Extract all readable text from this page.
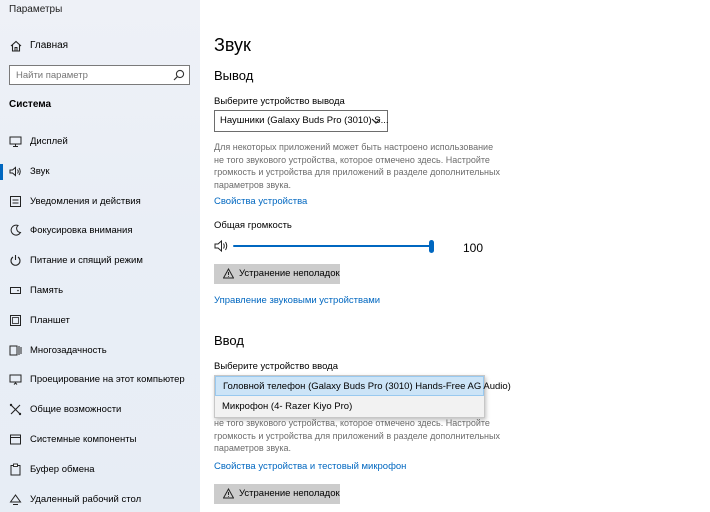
Параметры
Главная
Найти параметр
Система
Дисплей
Звук
Уведомления и действия
Фокусировка внимания
Питание и спящий режим
Память
Планшет
Многозадачность
Проецирование на этот компьютер
Общие возможности
Системные компоненты
Буфер обмена
Удаленный рабочий стол
Звук
Вывод
Выберите устройство вывода
Наушники (Galaxy Buds Pro (3010) S...
Для некоторых приложений может быть настроено использование не того звукового устройства, которое отмечено здесь. Настройте громкость и устройства для приложений в разделе дополнительных параметров звука.
Свойства устройства
Общая громкость
100
Устранение неполадок
Управление звуковыми устройствами
Ввод
Выберите устройство ввода
не того звукового устройства, которое отмечено здесь. Настройте громкость и устройства для приложений в разделе дополнительных параметров звука.
Головной телефон (Galaxy Buds Pro (3010) Hands-Free AG Audio)
Микрофон (4- Razer Kiyo Pro)
Свойства устройства и тестовый микрофон
Устранение неполадок
